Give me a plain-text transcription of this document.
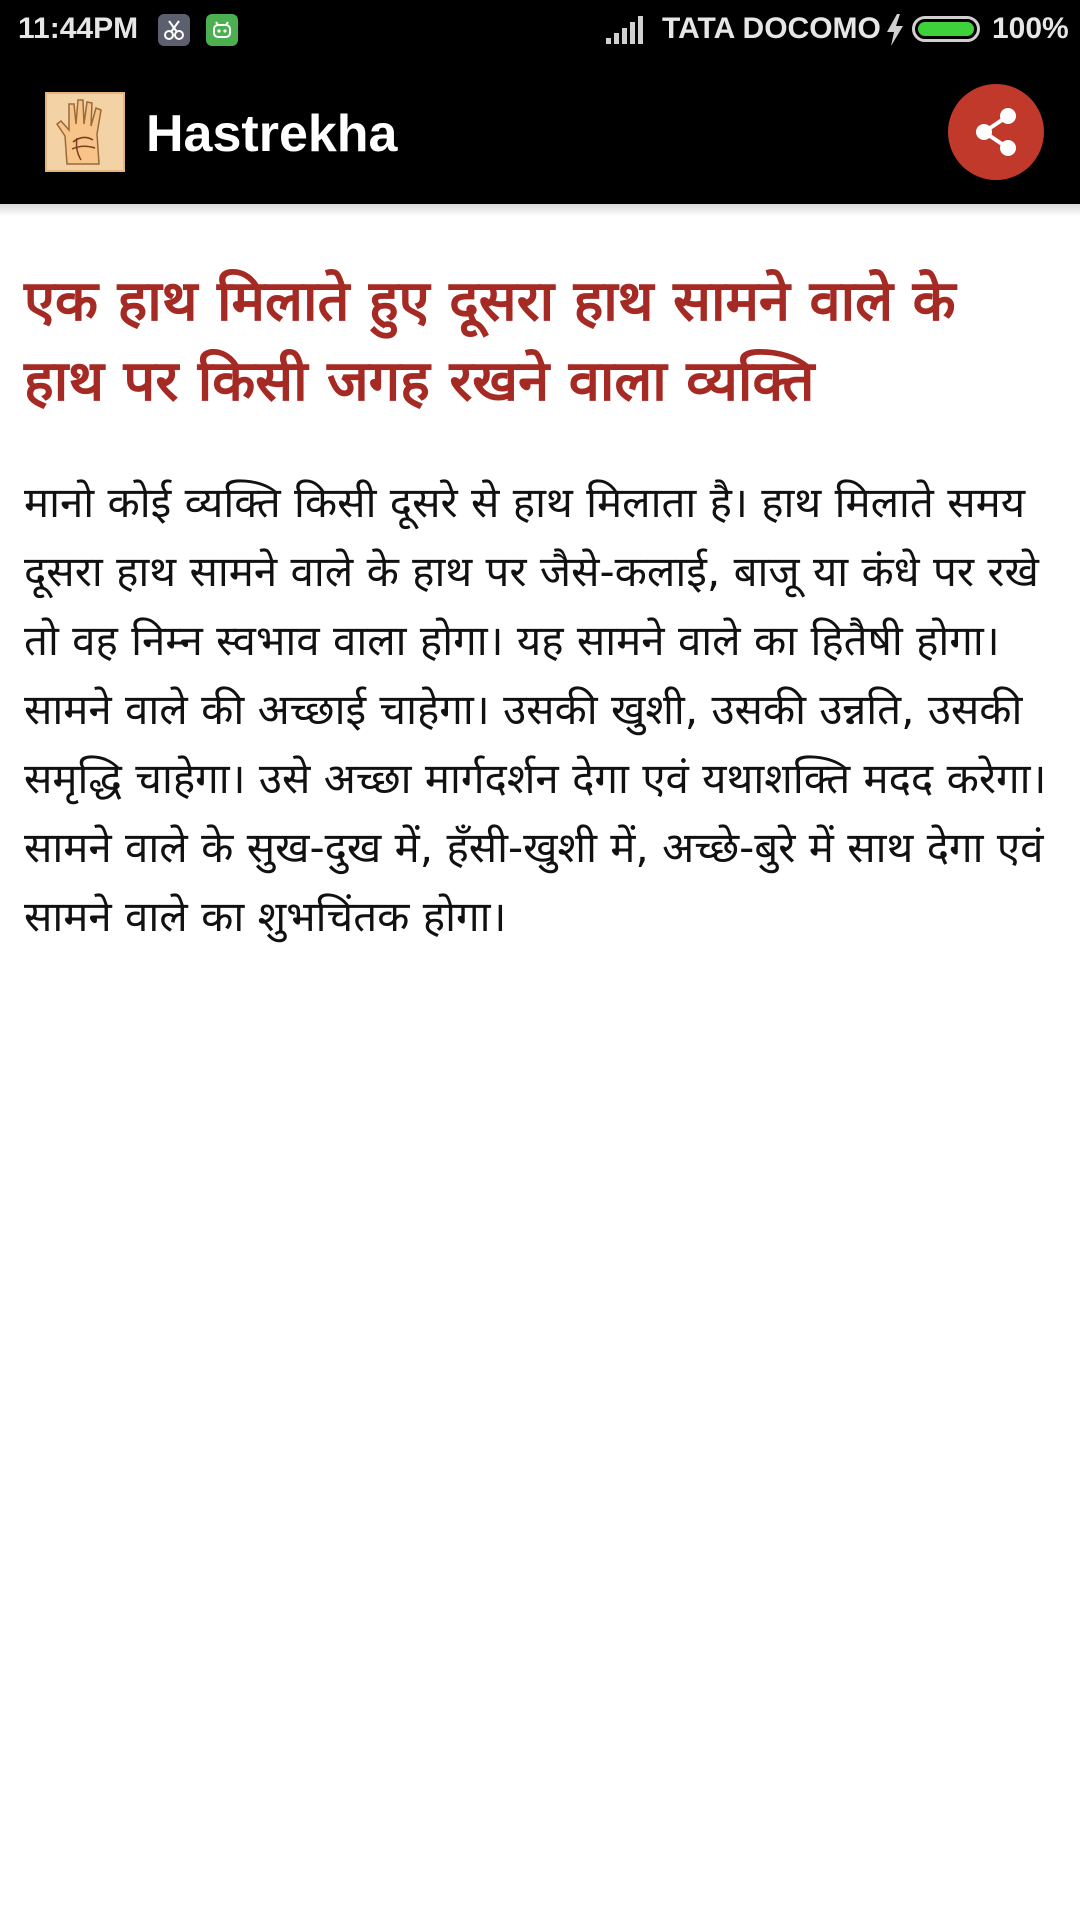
11:44PM	TATA DOCOMO	100%
Hastrekha
एक हाथ मिलाते हुए दूसरा हाथ सामने वाले के हाथ पर किसी जगह रखने वाला व्यक्ति

मानो कोई व्यक्ति किसी दूसरे से हाथ मिलाता है। हाथ मिलाते समय दूसरा हाथ सामने वाले के हाथ पर जैसे-कलाई, बाजू या कंधे पर रखे तो वह निम्न स्वभाव वाला होगा। यह सामने वाले का हितैषी होगा। सामने वाले की अच्छाई चाहेगा। उसकी खुशी, उसकी उन्नति, उसकी समृद्धि चाहेगा। उसे अच्छा मार्गदर्शन देगा एवं यथाशक्ति मदद करेगा। सामने वाले के सुख-दुख में, हँसी-खुशी में, अच्छे-बुरे में साथ देगा एवं सामने वाले का शुभचिंतक होगा।
